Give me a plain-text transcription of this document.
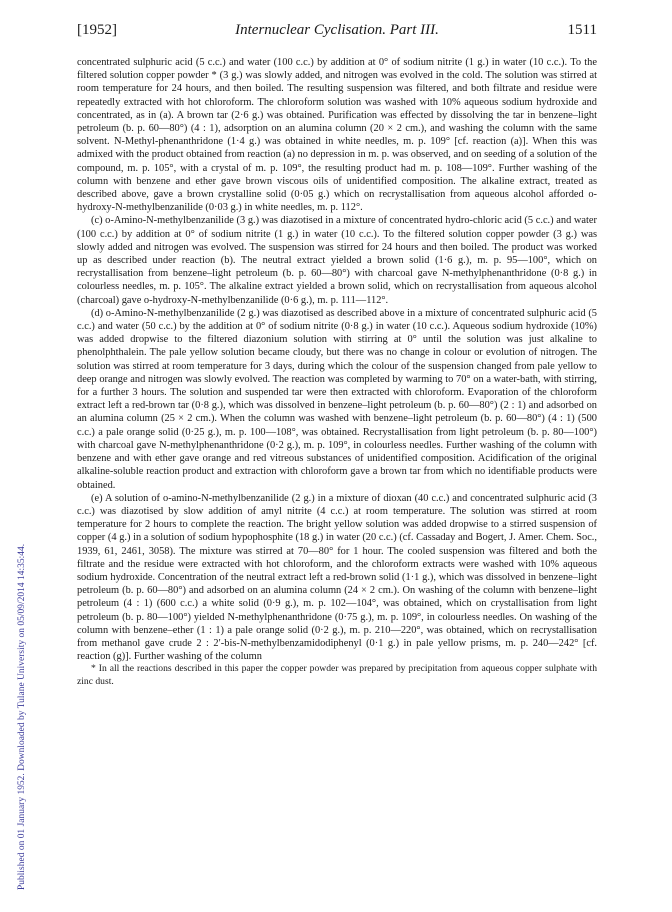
Published on 01 January 1952. Downloaded by Tulane University on 05/09/2014 14:35:44.
[1952]	Internuclear Cyclisation. Part III.	1511

concentrated sulphuric acid (5 c.c.) and water (100 c.c.) by addition at 0° of sodium nitrite (1 g.) in water (10 c.c.). To the filtered solution copper powder * (3 g.) was slowly added, and nitrogen was evolved in the cold. The solution was stirred at room temperature for 24 hours, and then boiled. The resulting suspension was filtered, and both filtrate and residue were repeatedly extracted with hot chloroform. The chloroform solution was washed with 10% aqueous sodium hydroxide and concentrated, as in (a). A brown tar (2·6 g.) was obtained. Purification was effected by dissolving the tar in benzene–light petroleum (b. p. 60—80°) (4 : 1), adsorption on an alumina column (20 × 2 cm.), and washing the column with the same solvent. N-Methyl-phenanthridone (1·4 g.) was obtained in white needles, m. p. 109° [cf. reaction (a)]. When this was admixed with the product obtained from reaction (a) no depression in m. p. was observed, and on seeding of a solution of the compound, m. p. 105°, with a crystal of m. p. 109°, the resulting product had m. p. 108—109°. Further washing of the column with benzene and ether gave brown viscous oils of unidentified composition. The alkaline extract, treated as described above, gave a brown crystalline solid (0·05 g.) which on recrystallisation from aqueous alcohol afforded o-hydroxy-N-methylbenzanilide (0·03 g.) in white needles, m. p. 112°.

(c) o-Amino-N-methylbenzanilide (3 g.) was diazotised in a mixture of concentrated hydro-chloric acid (5 c.c.) and water (100 c.c.) by addition at 0° of sodium nitrite (1 g.) in water (10 c.c.). To the filtered solution copper powder (3 g.) was slowly added and nitrogen was evolved. The suspension was stirred for 24 hours and then boiled. The product was worked up as described under reaction (b). The neutral extract yielded a brown solid (1·6 g.), m. p. 95—100°, which on recrystallisation from benzene–light petroleum (b. p. 60—80°) with charcoal gave N-methylphenanthridone (0·8 g.) in colourless needles, m. p. 105°. The alkaline extract yielded a brown solid, which on recrystallisation from aqueous alcohol (charcoal) gave o-hydroxy-N-methylbenzanilide (0·6 g.), m. p. 111—112°.

(d) o-Amino-N-methylbenzanilide (2 g.) was diazotised as described above in a mixture of concentrated sulphuric acid (5 c.c.) and water (50 c.c.) by the addition at 0° of sodium nitrite (0·8 g.) in water (10 c.c.). Aqueous sodium hydroxide (10%) was added dropwise to the filtered diazonium solution with stirring at 0° until the solution was just alkaline to phenolphthalein. The pale yellow solution became cloudy, but there was no change in colour or evolution of nitrogen. The solution was stirred at room temperature for 3 days, during which the colour of the suspension changed from pale yellow to deep orange and nitrogen was slowly evolved. The reaction was completed by warming to 70° on a water-bath, with stirring, for a further 3 hours. The solution and suspended tar were then extracted with chloroform. Evaporation of the chloroform extract left a red-brown tar (0·8 g.), which was dissolved in benzene–light petroleum (b. p. 60—80°) (2 : 1) and adsorbed on an alumina column (25 × 2 cm.). When the column was washed with benzene–light petroleum (b. p. 60—80°) (4 : 1) (500 c.c.) a pale orange solid (0·25 g.), m. p. 100—108°, was obtained. Recrystallisation from light petroleum (b. p. 80—100°) with charcoal gave N-methylphenanthridone (0·2 g.), m. p. 109°, in colourless needles. Further washing of the column with benzene and with ether gave orange and red vitreous substances of unidentified composition. Acidification of the original alkaline-soluble reaction product and extraction with chloroform gave a brown tar from which no identifiable products were obtained.

(e) A solution of o-amino-N-methylbenzanilide (2 g.) in a mixture of dioxan (40 c.c.) and concentrated sulphuric acid (3 c.c.) was diazotised by slow addition of amyl nitrite (4 c.c.) at room temperature. The solution was stirred at room temperature for 2 hours to complete the reaction. The bright yellow solution was added dropwise to a stirred suspension of copper (4 g.) in a solution of sodium hypophosphite (18 g.) in water (20 c.c.) (cf. Cassaday and Bogert, J. Amer. Chem. Soc., 1939, 61, 2461, 3058). The mixture was stirred at 70—80° for 1 hour. The cooled suspension was filtered and both the filtrate and the residue were extracted with hot chloroform, and the chloroform extracts were washed with 10% aqueous sodium hydroxide. Concentration of the neutral extract left a red-brown solid (1·1 g.), which was dissolved in benzene–light petroleum (b. p. 60—80°) and adsorbed on an alumina column (24 × 2 cm.). On washing of the column with benzene–light petroleum (4 : 1) (600 c.c.) a white solid (0·9 g.), m. p. 102—104°, was obtained, which on crystallisation from light petroleum (b. p. 80—100°) yielded N-methylphenanthridone (0·75 g.), m. p. 109°, in colourless needles. On washing of the column with benzene–ether (1 : 1) a pale orange solid (0·2 g.), m. p. 210—220°, was obtained, which on recrystallisation from methanol gave crude 2 : 2′-bis-N-methylbenzamidodiphenyl (0·1 g.) in pale yellow prisms, m. p. 240—242° [cf. reaction (g)]. Further washing of the column

* In all the reactions described in this paper the copper powder was prepared by precipitation from aqueous copper sulphate with zinc dust.
